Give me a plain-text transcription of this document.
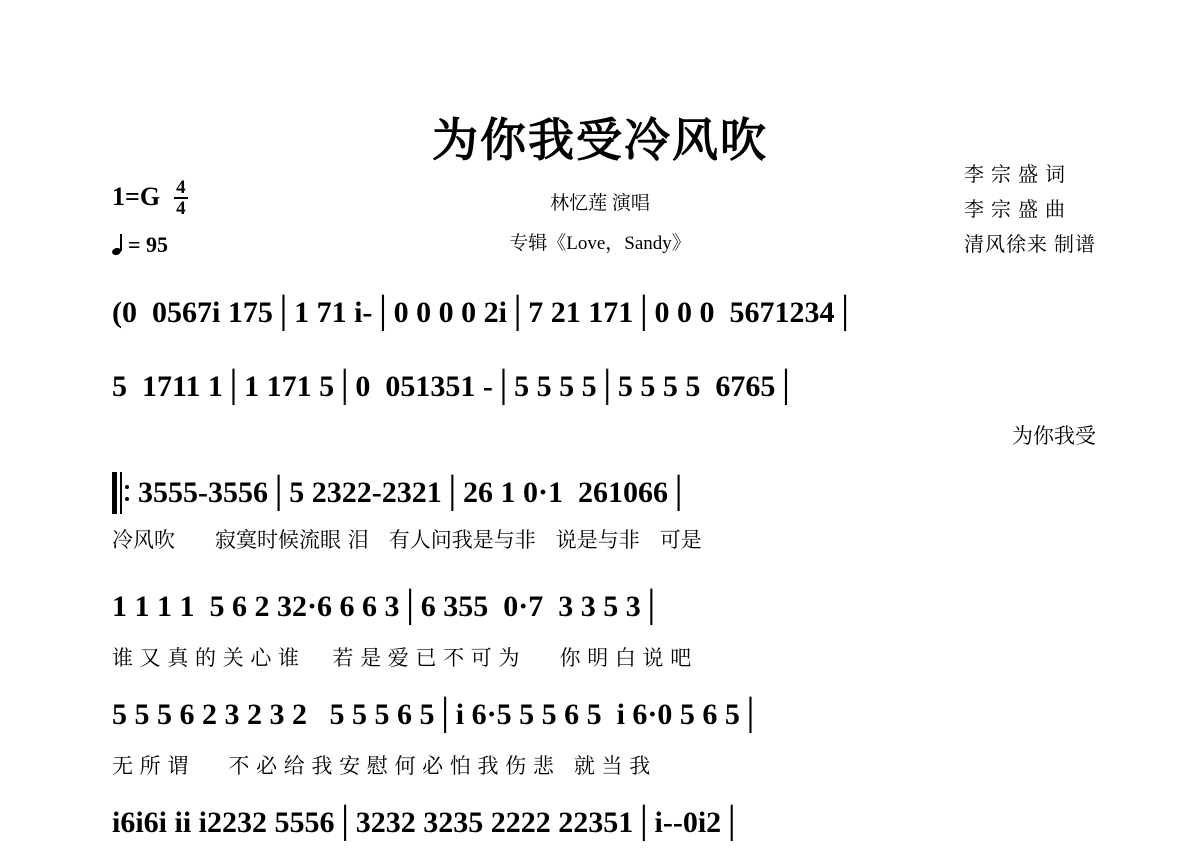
为你我受冷风吹
林忆莲 演唱
专辑《Love，Sandy》
1 = G 4
4
= 95
李 宗 盛 词
李 宗 盛 曲
清风徐来 制谱
(0  0567i 175│1 71 i-│0 0 0 0 2i│7 21 171│0 0 0  5671234│
5  1711 1│1 171 5│0  051351 -│5 5 5 5│5 5 5 5  6765│
为你我受
3555-3556│5 2322-2321│26 1 0·1  261066│
冷风吹      寂寞时候流眼 泪   有人问我是与非   说是与非   可是
1 1 1 1  5 6 2 32·6 6 6 3│6 355  0·7  3 3 5 3│
谁 又 真 的 关 心 谁     若 是 爱 已 不 可 为      你 明 白 说 吧
5 5 5 6 2 3 2 3 2   5 5 5 6 5│i 6·5 5 5 6 5  i 6·0 5 6 5│
无 所 谓      不 必 给 我 安 慰 何 必 怕 我 伤 悲   就 当 我
i6i6i ii i2232 5556│3232 3235 2222 22351│i--0i2│
